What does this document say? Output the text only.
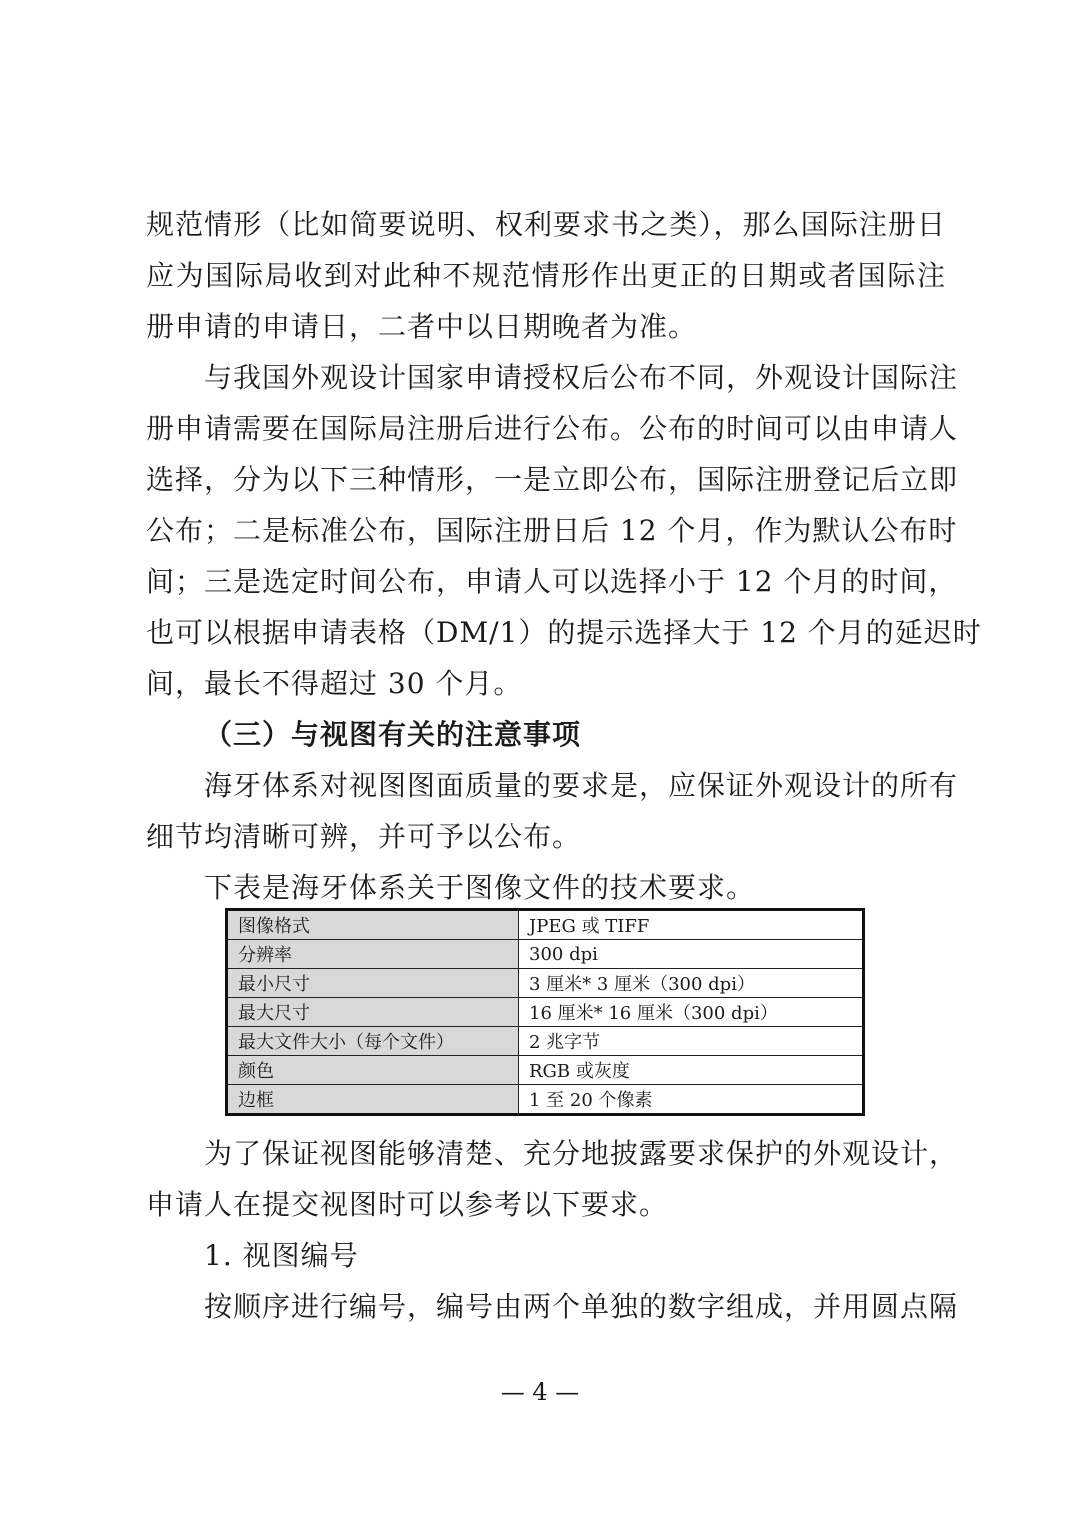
规范情形（比如简要说明、权利要求书之类），那么国际注册日
应为国际局收到对此种不规范情形作出更正的日期或者国际注
册申请的申请日，二者中以日期晚者为准。
与我国外观设计国家申请授权后公布不同，外观设计国际注
册申请需要在国际局注册后进行公布。公布的时间可以由申请人
选择，分为以下三种情形，一是立即公布，国际注册登记后立即
公布；二是标准公布，国际注册日后 12 个月，作为默认公布时
间；三是选定时间公布，申请人可以选择小于 12 个月的时间，
也可以根据申请表格（DM/1）的提示选择大于 12 个月的延迟时
间，最长不得超过 30 个月。
（三）与视图有关的注意事项
海牙体系对视图图面质量的要求是，应保证外观设计的所有
细节均清晰可辨，并可予以公布。
下表是海牙体系关于图像文件的技术要求。
图像格式	JPEG 或 TIFF
分辨率	300 dpi
最小尺寸	3 厘米* 3 厘米（300 dpi）
最大尺寸	16 厘米* 16 厘米（300 dpi）
最大文件大小（每个文件）	2 兆字节
颜色	RGB 或灰度
边框	1 至 20 个像素
为了保证视图能够清楚、充分地披露要求保护的外观设计，
申请人在提交视图时可以参考以下要求。
1. 视图编号
按顺序进行编号，编号由两个单独的数字组成，并用圆点隔
— 4 —
